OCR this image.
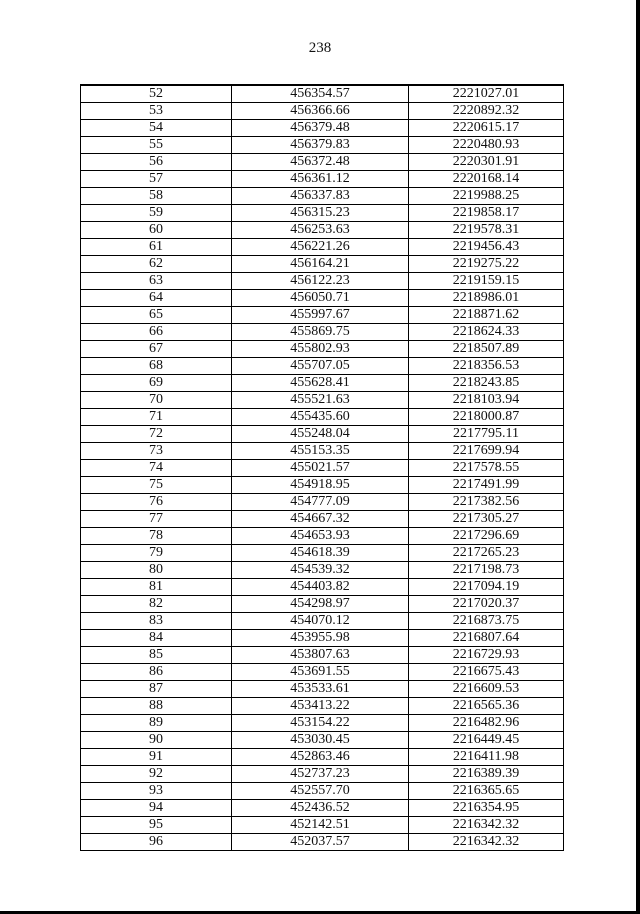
238
52	456354.57	2221027.01
53	456366.66	2220892.32
54	456379.48	2220615.17
55	456379.83	2220480.93
56	456372.48	2220301.91
57	456361.12	2220168.14
58	456337.83	2219988.25
59	456315.23	2219858.17
60	456253.63	2219578.31
61	456221.26	2219456.43
62	456164.21	2219275.22
63	456122.23	2219159.15
64	456050.71	2218986.01
65	455997.67	2218871.62
66	455869.75	2218624.33
67	455802.93	2218507.89
68	455707.05	2218356.53
69	455628.41	2218243.85
70	455521.63	2218103.94
71	455435.60	2218000.87
72	455248.04	2217795.11
73	455153.35	2217699.94
74	455021.57	2217578.55
75	454918.95	2217491.99
76	454777.09	2217382.56
77	454667.32	2217305.27
78	454653.93	2217296.69
79	454618.39	2217265.23
80	454539.32	2217198.73
81	454403.82	2217094.19
82	454298.97	2217020.37
83	454070.12	2216873.75
84	453955.98	2216807.64
85	453807.63	2216729.93
86	453691.55	2216675.43
87	453533.61	2216609.53
88	453413.22	2216565.36
89	453154.22	2216482.96
90	453030.45	2216449.45
91	452863.46	2216411.98
92	452737.23	2216389.39
93	452557.70	2216365.65
94	452436.52	2216354.95
95	452142.51	2216342.32
96	452037.57	2216342.32
